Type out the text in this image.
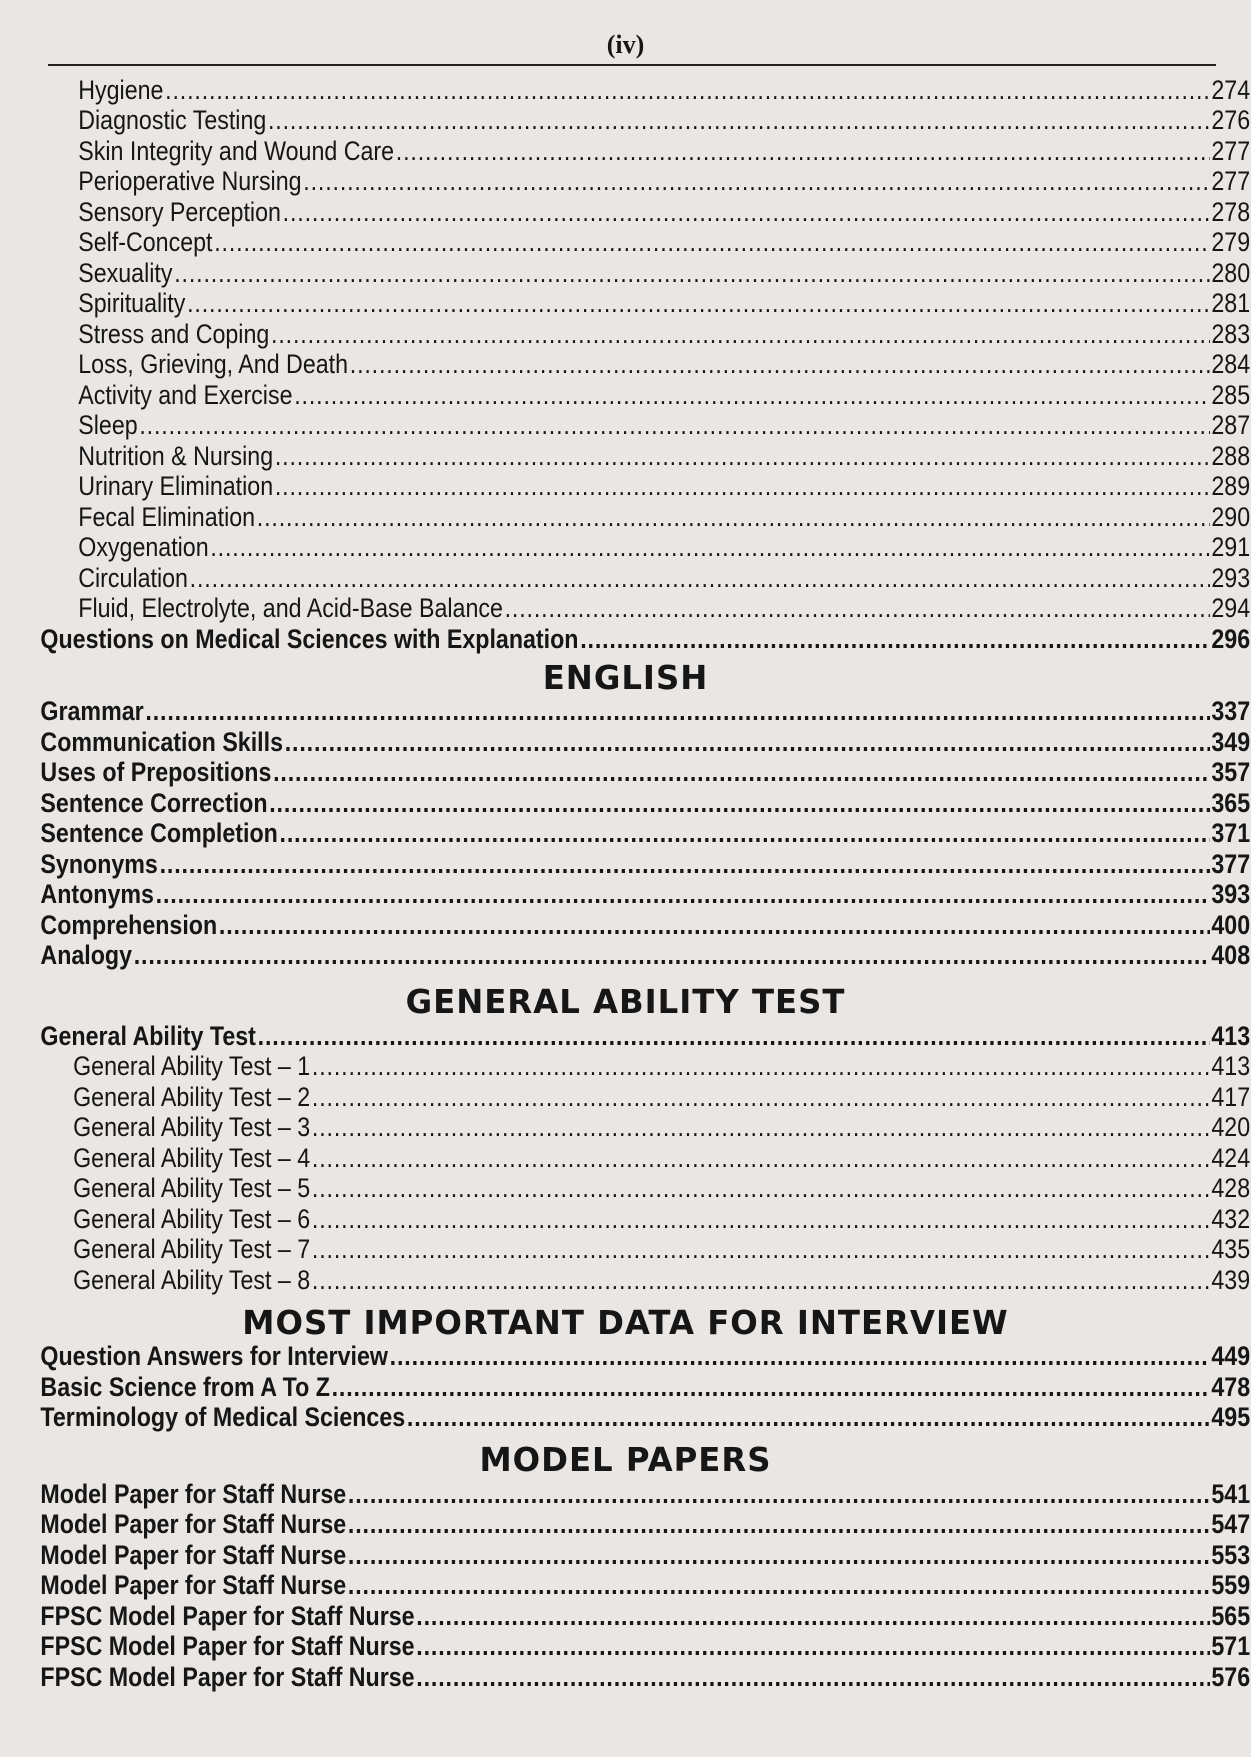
(iv)
Hygiene .....	274
Diagnostic Testing .....	276
Skin Integrity and Wound Care .....	277
Perioperative Nursing .....	277
Sensory Perception .....	278
Self-Concept .....	279
Sexuality .....	280
Spirituality .....	281
Stress and Coping .....	283
Loss, Grieving, And Death .....	284
Activity and Exercise .....	285
Sleep .....	287
Nutrition & Nursing .....	288
Urinary Elimination .....	289
Fecal Elimination .....	290
Oxygenation .....	291
Circulation .....	293
Fluid, Electrolyte, and Acid-Base Balance .....	294
Questions on Medical Sciences with Explanation .....	296
ENGLISH
Grammar .....	337
Communication Skills .....	349
Uses of Prepositions .....	357
Sentence Correction .....	365
Sentence Completion .....	371
Synonyms .....	377
Antonyms .....	393
Comprehension .....	400
Analogy .....	408
GENERAL ABILITY TEST
General Ability Test .....	413
General Ability Test – 1 .....	413
General Ability Test – 2 .....	417
General Ability Test – 3 .....	420
General Ability Test – 4 .....	424
General Ability Test – 5 .....	428
General Ability Test – 6 .....	432
General Ability Test – 7 .....	435
General Ability Test – 8 .....	439
MOST IMPORTANT DATA FOR INTERVIEW
Question Answers for Interview .....	449
Basic Science from A To Z .....	478
Terminology of Medical Sciences .....	495
MODEL PAPERS
Model Paper for Staff Nurse .....	541
Model Paper for Staff Nurse .....	547
Model Paper for Staff Nurse .....	553
Model Paper for Staff Nurse .....	559
FPSC Model Paper for Staff Nurse .....	565
FPSC Model Paper for Staff Nurse .....	571
FPSC Model Paper for Staff Nurse .....	576
